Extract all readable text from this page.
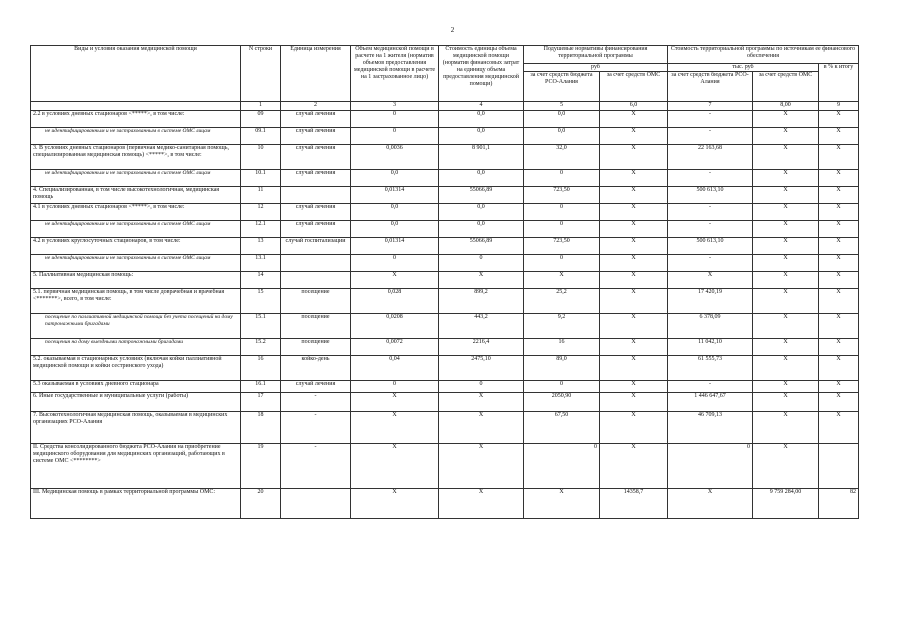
2
Виды и условия оказания медицинской помощи	N строки	Единица измерения	Объем медицинской помощи в расчете на 1 жителя (норматив объемов предоставления медицинской помощи в расчете на 1 застрахованное лицо)	Стоимость единицы объема медицинской помощи (норматив финансовых затрат на единицу объема предоставления медицинской помощи)	Подушевые нормативы финансирования территориальной программы		Стоимость территориальной программы по источникам ее финансового обеспечения		
					руб		тыс. руб		в % к итогу
					за счет средств бюджета РСО-Алания	за счет средств ОМС	за счет средств бюджета РСО-Алания	за счет средств ОМС	
	1	2	3	4	5	6,0	7	8,00	9
2.2 в условиях дневных стационаров <*****>, в том числе:	09	случай лечения	0	0,0	0,0	X	-	X	X
не идентифицированным и не застрахованным в системе ОМС лицам	09.1	случай лечения	0	0,0	0,0	X	-	X	X
3. В условиях дневных стационаров (первичная медико-санитарная помощь, специализированная медицинская помощь) <*****>, в том числе:	10	случай лечения	0,0036	8 901,1	32,0	X	22 163,68	X	X
не идентифицированным и не застрахованным в системе ОМС лицам	10.1	случай лечения	0,0	0,0	0	X	-	X	X
4. Специализированная, в том числе высокотехнологичная, медицинская помощь	11		0,01314	55066,89	723,50	X	500 613,10	X	X
4.1 в условиях дневных стационаров <*****>, в том числе:	12	случай лечения	0,0	0,0	0	X	-	X	X
не идентифицированным и не застрахованным в системе ОМС лицам	12.1	случай лечения	0,0	0,0	0	X	-	X	X
4.2 в условиях круглосуточных стационаров, в том числе:	13	случай госпитализации	0,01314	55066,89	723,50	X	500 613,10	X	X
не идентифицированным и не застрахованным в системе ОМС лицам	13.1		0	0	0	X	-	X	X
5. Паллиативная медицинская помощь:	14		X	X	X	X	X	X	X
5.1. первичная медицинская помощь, в том числе доврачебная и врачебная <*******>, всего, в том числе:	15	посещение	0,028	899,2	25,2	X	17 420,19	X	X
посещение по паллиативной медицинской помощи без учета посещений на дому патронажными бригадами	15.1	посещение	0,0208	443,2	9,2	X	6 378,09	X	X
посещения на дому выездными патронажными бригадами	15.2	посещение	0,0072	2216,4	16	X	11 042,10	X	X
5.2. оказываемая в стационарных условиях (включая койки паллиативной медицинской помощи и койки сестринского ухода)	16	койко-день	0,04	2475,10	89,0	X	61 555,73	X	X
5.3 оказываемая в условиях дневного стационара	16.1	случай лечения	0	0	0	X	-	X	X
6. Иные государственные и муниципальные услуги (работы)	17	-	X	X	2050,90	X	1 446 647,67	X	X
7. Высокотехнологичная медицинская помощь, оказываемая в медицинских организациях РСО-Алания	18	-	X	X	67,50	X	46 709,13	X	X
II. Средства консолидированного бюджета РСО-Алания на приобретение медицинского оборудования для медицинских организаций, работающих в системе ОМС <********>	19	-	X	X	0	X	0	X	
III. Медицинская помощь в рамках территориальной программы ОМС:	20		X	X	X	14358,7	X	9 759 284,00	82
